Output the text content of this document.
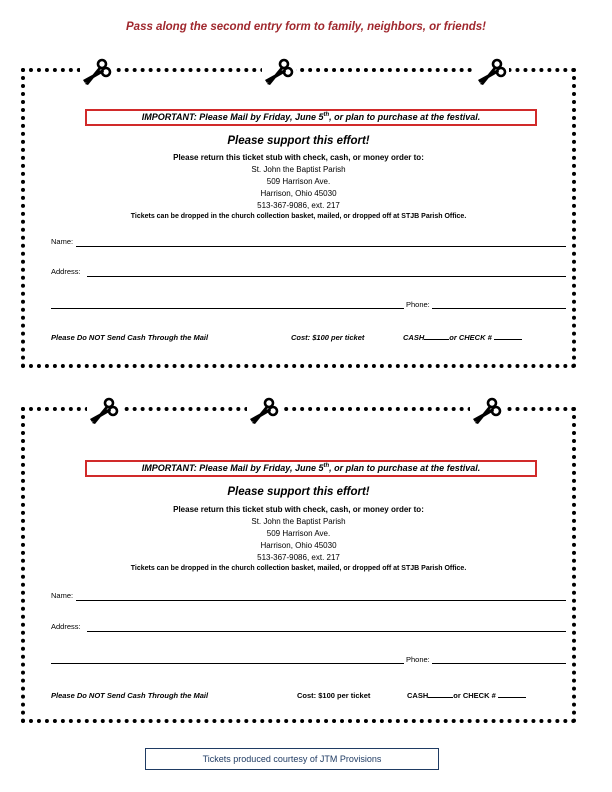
Pass along the second entry form to family, neighbors, or friends!
IMPORTANT: Please Mail by Friday, June 5th, or plan to purchase at the festival.
Please support this effort!
Please return this ticket stub with check, cash, or money order to:
St. John the Baptist Parish
509 Harrison Ave.
Harrison, Ohio 45030
513-367-9086, ext. 217
Tickets can be dropped in the church collection basket, mailed, or dropped off at STJB Parish Office.
Name:
Address:
Phone:
Please Do NOT Send Cash Through the Mail	Cost: $100 per ticket	CASH	or CHECK #
IMPORTANT: Please Mail by Friday, June 5th, or plan to purchase at the festival.
Please support this effort!
Please return this ticket stub with check, cash, or money order to:
St. John the Baptist Parish
509 Harrison Ave.
Harrison, Ohio 45030
513-367-9086, ext. 217
Tickets can be dropped in the church collection basket, mailed, or dropped off at STJB Parish Office.
Name:
Address:
Phone:
Please Do NOT Send Cash Through the Mail	Cost: $100 per ticket	CASH	or CHECK #
Tickets produced courtesy of JTM Provisions
